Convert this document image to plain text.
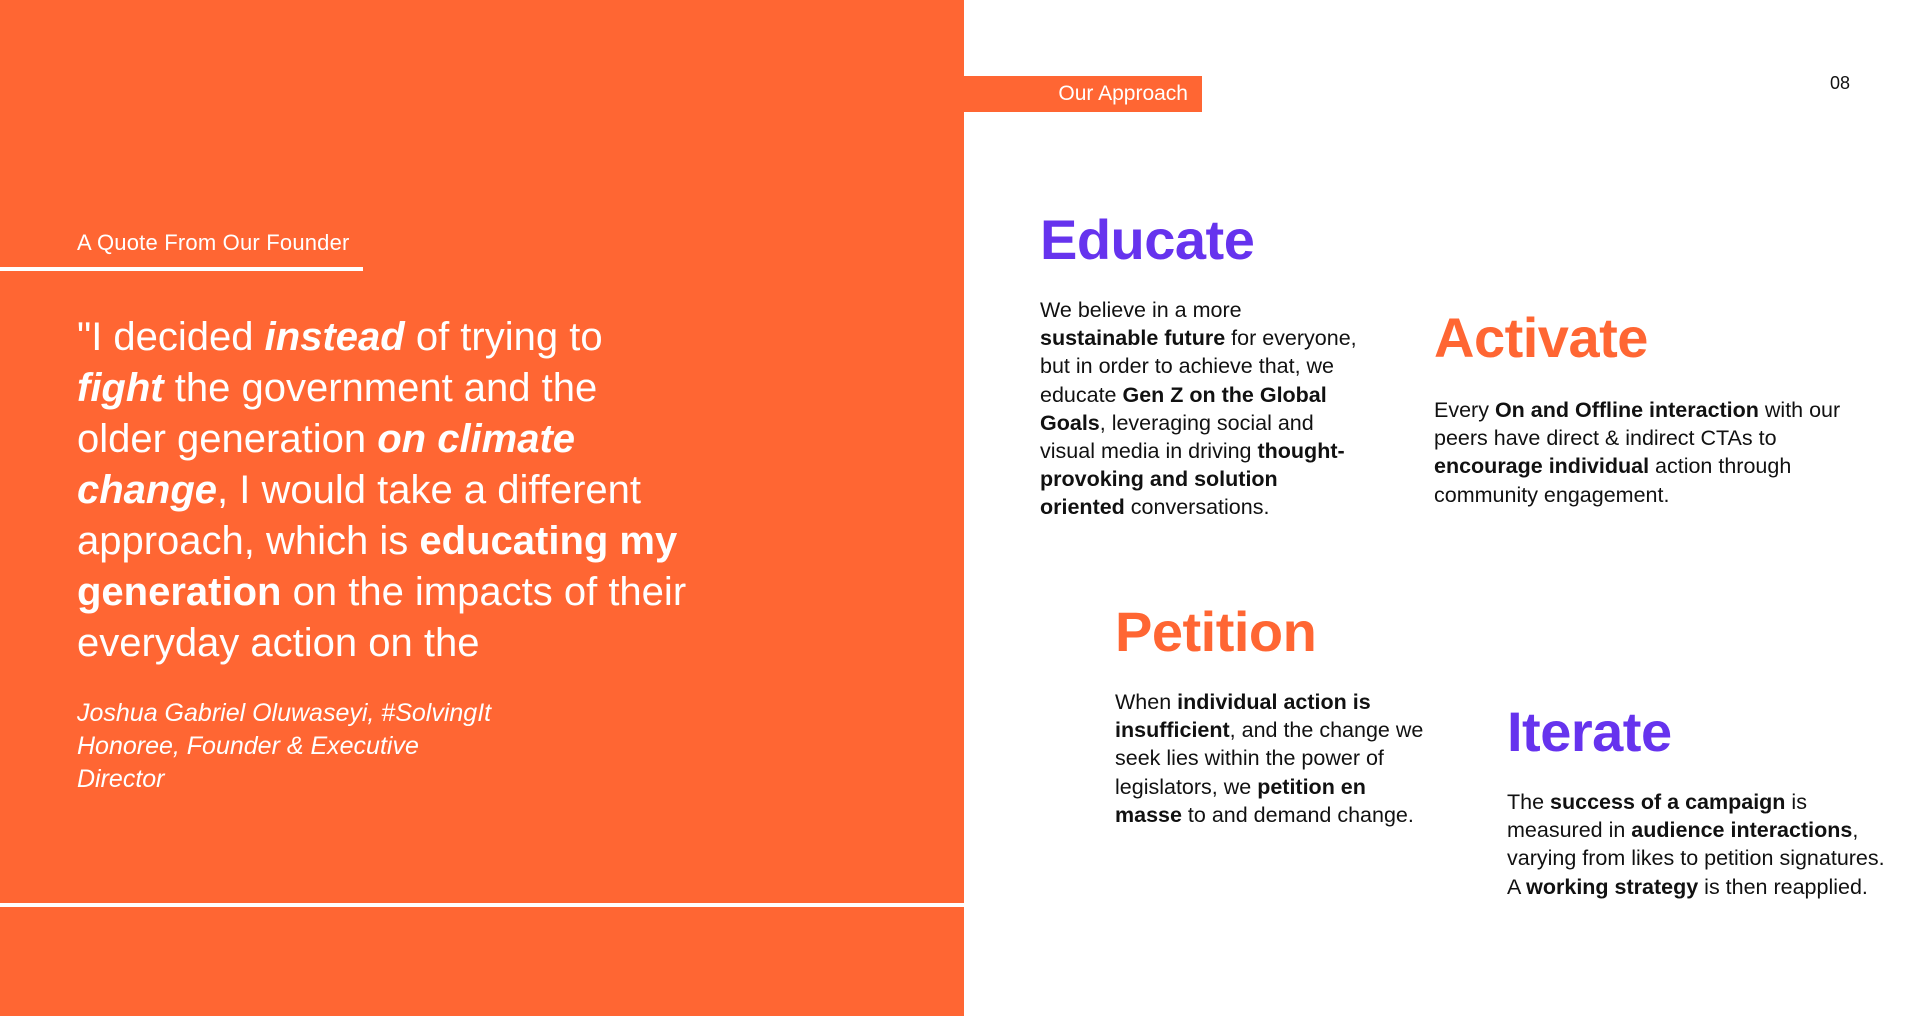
A Quote From Our Founder
"I decided instead of trying to fight the government and the older generation on climate change, I would take a different approach, which is educating my generation on the impacts of their everyday action on the
Joshua Gabriel Oluwaseyi, #SolvingIt Honoree, Founder & Executive Director
Our Approach	08
Educate

We believe in a more sustainable future for everyone, but in order to achieve that, we educate Gen Z on the Global Goals, leveraging social and visual media in driving thought-provoking and solution oriented conversations.

Activate

Every On and Offline interaction with our peers have direct & indirect CTAs to encourage individual action through community engagement.

Petition

When individual action is insufficient, and the change we seek lies within the power of legislators, we petition en masse to and demand change.

Iterate

The success of a campaign is measured in audience interactions, varying from likes to petition signatures. A working strategy is then reapplied.
